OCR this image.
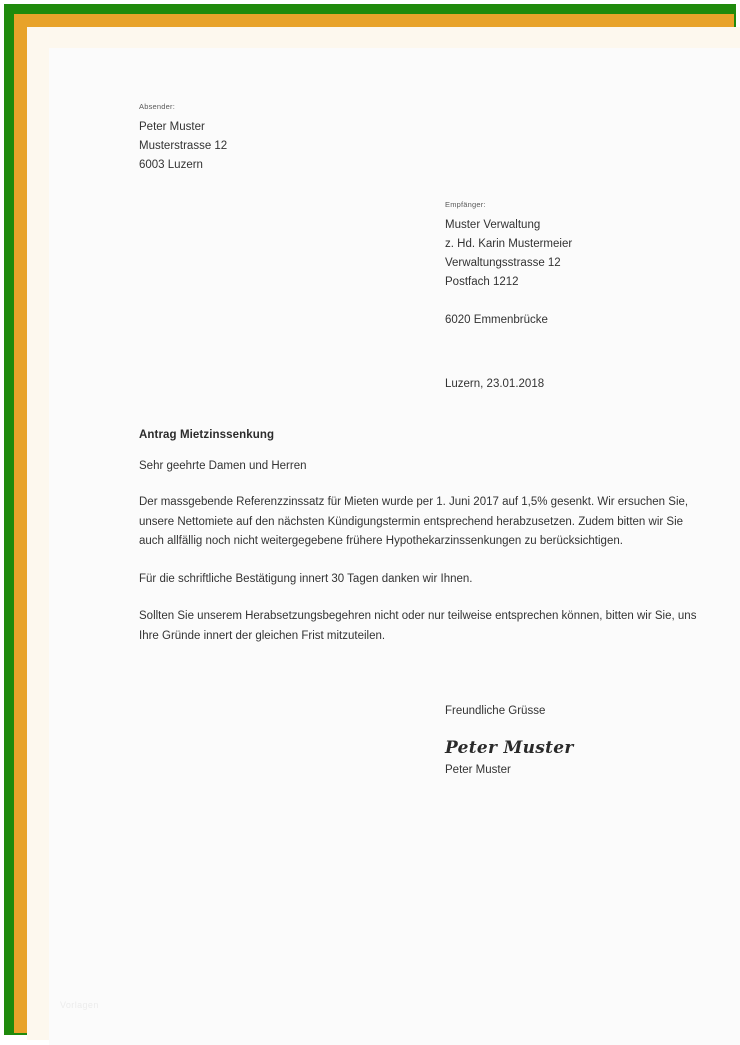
Absender:
Peter Muster
Musterstrasse 12
6003 Luzern
Empfänger:
Muster Verwaltung
z. Hd. Karin Mustermeier
Verwaltungsstrasse 12
Postfach 1212
6020 Emmenbrücke
Luzern, 23.01.2018
Antrag Mietzinssenkung
Sehr geehrte Damen und Herren

Der massgebende Referenzzinssatz für Mieten wurde per 1. Juni 2017 auf 1,5% gesenkt. Wir ersuchen Sie, unsere Nettomiete auf den nächsten Kündigungstermin entsprechend herabzusetzen. Zudem bitten wir Sie auch allfällig noch nicht weitergegebene frühere Hypothekarzinssenkungen zu berücksichtigen.

Für die schriftliche Bestätigung innert 30 Tagen danken wir Ihnen.

Sollten Sie unserem Herabsetzungsbegehren nicht oder nur teilweise entsprechen können, bitten wir Sie, uns Ihre Gründe innert der gleichen Frist mitzuteilen.

Freundliche Grüsse
Peter Muster
Peter Muster
Vorlagen
